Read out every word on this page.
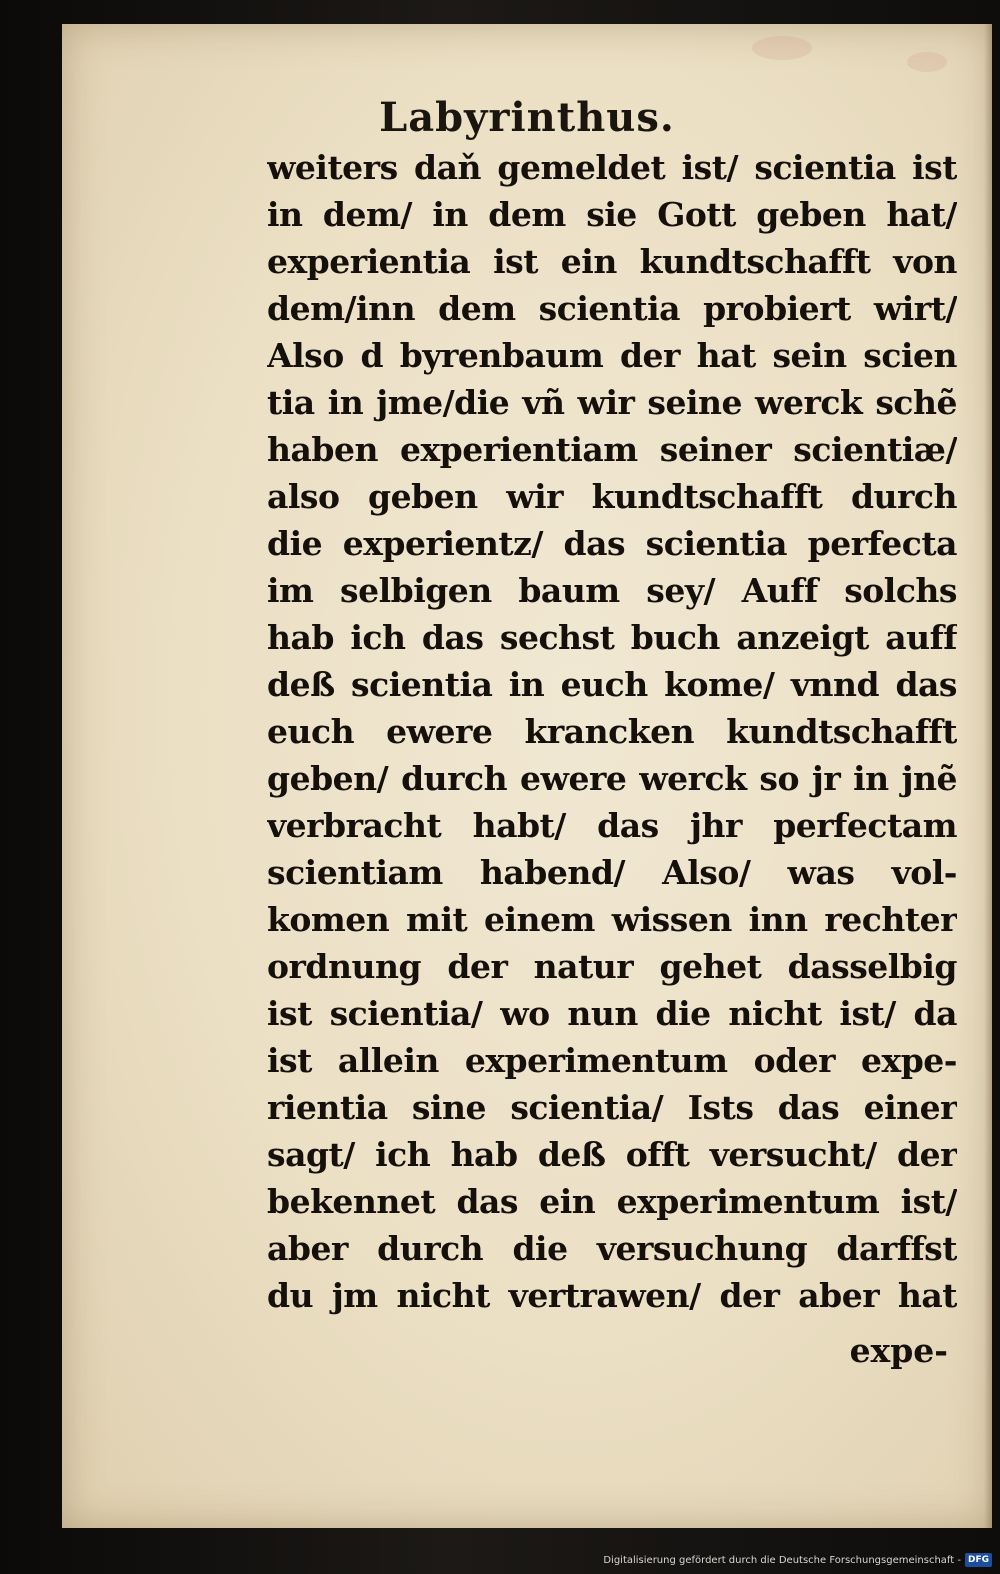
Labyrinthus.
weiters daň gemeldet ist/ scientia ist
in dem/ in dem sie Gott geben hat/
experientia ist ein kundtschafft von
dem/inn dem scientia probiert wirt/
Also d byrenbaum der hat sein scien
tia in jme/die vñ wir seine werck schẽ
haben experientiam seiner scientiæ/
also geben wir kundtschafft durch
die experientz/ das scientia perfecta
im selbigen baum sey/ Auff solchs
hab ich das sechst buch anzeigt auff
deß scientia in euch kome/ vnnd das
euch ewere krancken kundtschafft
geben/ durch ewere werck so jr in jnẽ
verbracht habt/ das jhr perfectam
scientiam habend/ Also/ was vol-
komen mit einem wissen inn rechter
ordnung der natur gehet dasselbig
ist scientia/ wo nun die nicht ist/ da
ist allein experimentum oder expe-
rientia sine scientia/ Ists das einer
sagt/ ich hab deß offt versucht/ der
bekennet das ein experimentum ist/
aber durch die versuchung darffst
du jm nicht vertrawen/ der aber hat
expe-
Digitalisierung gefördert durch die Deutsche Forschungsgemeinschaft - DFG
